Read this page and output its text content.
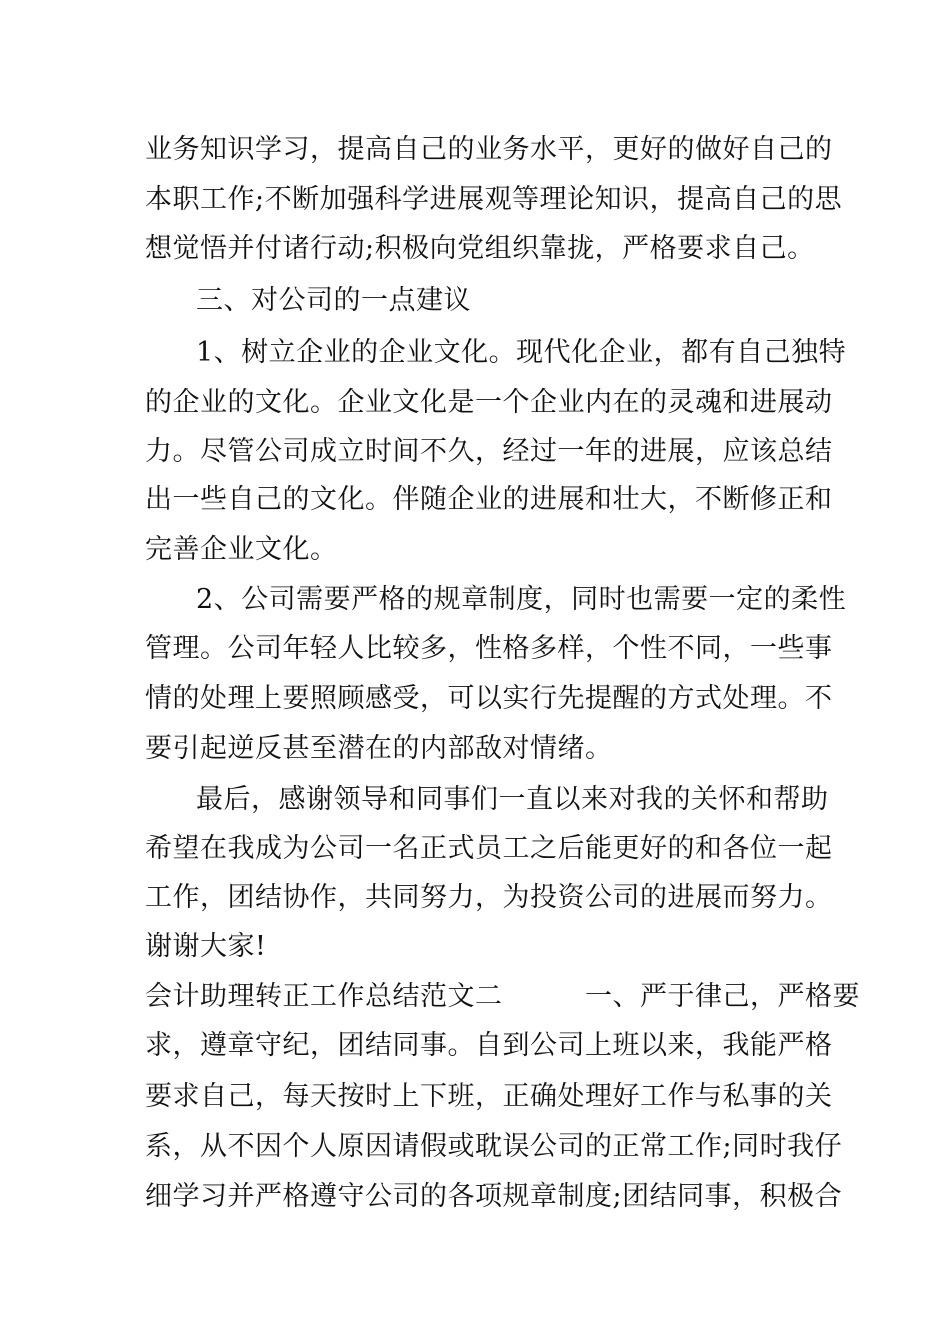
业务知识学习，提高自己的业务水平，更好的做好自己的
本职工作;不断加强科学进展观等理论知识，提高自己的思
想觉悟并付诸行动;积极向党组织靠拢，严格要求自己。
三、对公司的一点建议
1、树立企业的企业文化。现代化企业，都有自己独特
的企业的文化。企业文化是一个企业内在的灵魂和进展动
力。尽管公司成立时间不久，经过一年的进展，应该总结
出一些自己的文化。伴随企业的进展和壮大，不断修正和
完善企业文化。
2、公司需要严格的规章制度，同时也需要一定的柔性
管理。公司年轻人比较多，性格多样，个性不同，一些事
情的处理上要照顾感受，可以实行先提醒的方式处理。不
要引起逆反甚至潜在的内部敌对情绪。
最后，感谢领导和同事们一直以来对我的关怀和帮助
希望在我成为公司一名正式员工之后能更好的和各位一起
工作，团结协作，共同努力，为投资公司的进展而努力。
谢谢大家!
会计助理转正工作总结范文二　　　一、严于律己，严格要
求，遵章守纪，团结同事。自到公司上班以来，我能严格
要求自己，每天按时上下班，正确处理好工作与私事的关
系，从不因个人原因请假或耽误公司的正常工作;同时我仔
细学习并严格遵守公司的各项规章制度;团结同事，积极合
